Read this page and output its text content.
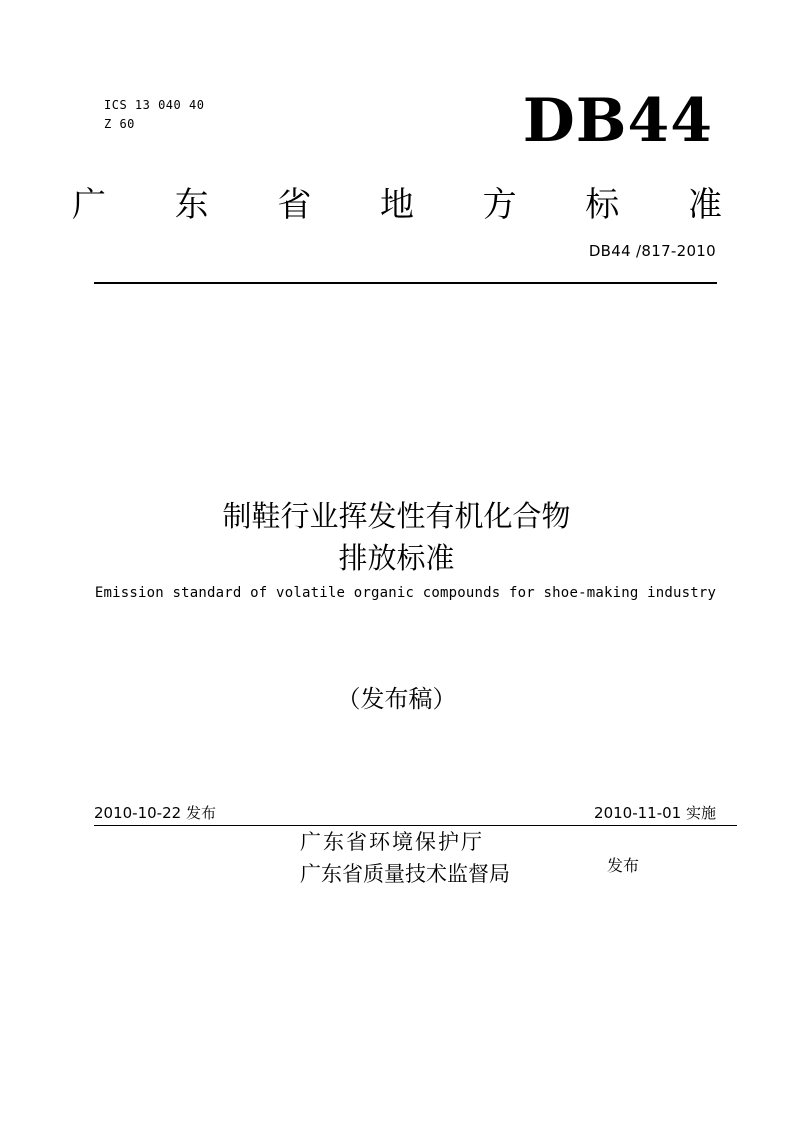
ICS 13 040 40
Z 60	DB44
广 东 省 地 方 标 准
DB44 /817-2010
制鞋行业挥发性有机化合物
排放标准
Emission standard of volatile organic compounds for shoe-making industry
（发布稿）
2010-10-22 发布	2010-11-01 实施
广东省环境保护厅
广东省质量技术监督局	发布
